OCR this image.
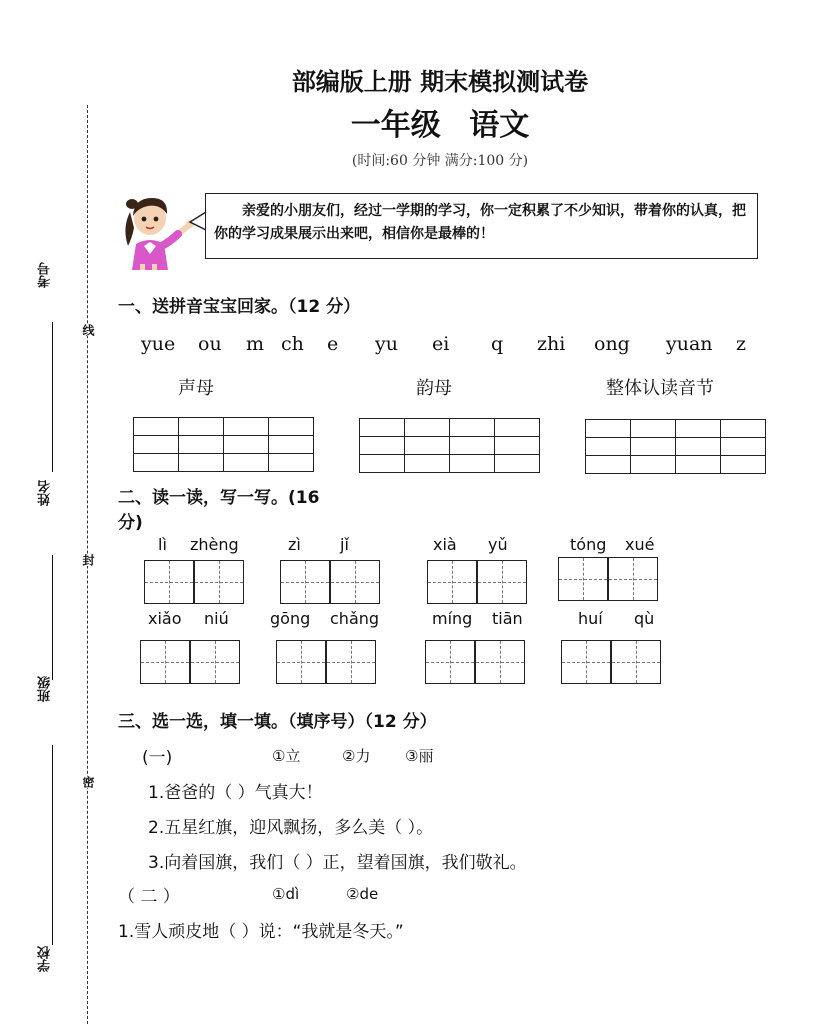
考号
姓名
班级
学校
线
封
密
部编版上册 期末模拟测试卷
一年级 语文
(时间:60 分钟 满分:100 分)
亲爱的小朋友们，经过一学期的学习，你一定积累了不少知识，带着你的认真，把你的学习成果展示出来吧，相信你是最棒的！
一、送拼音宝宝回家。（12 分）
yue ou m ch e yu ei q zhi ong yuan z
声母	韵母	整体认读音节

二、读一读，写一写。(16
分)
lì zhèng	zì jǐ	xià yǔ	tóng xué
xiǎo niú	gōng chǎng	míng tiān	huí qù
三、选一选，填一填。（填序号）（12 分）
(一)	①立	②力 ③丽
1.爸爸的（ ）气真大！
2.五星红旗，迎风飘扬，多么美（ ）。
3.向着国旗，我们（ ）正，望着国旗，我们敬礼。
（ 二 ）	①dì	②de
1.雪人顽皮地（ ）说：“我就是冬天。”
